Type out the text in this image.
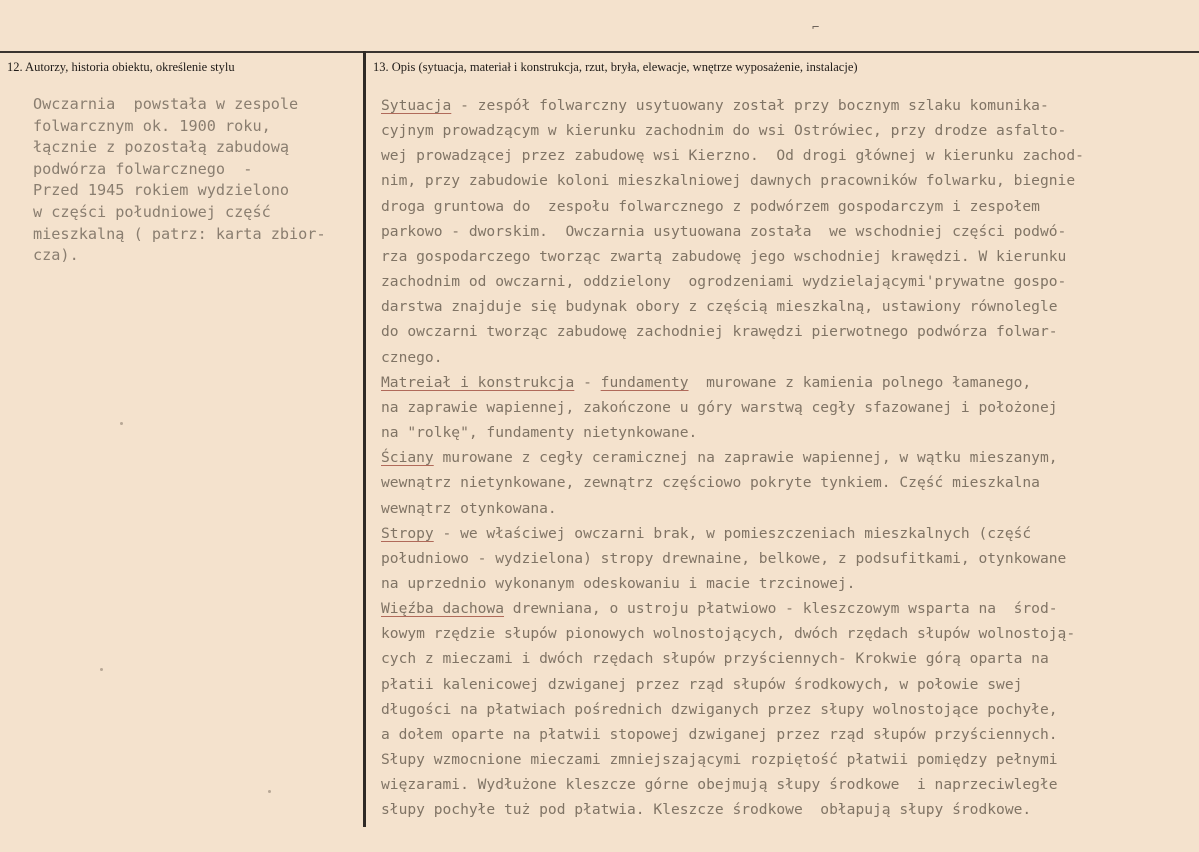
⌐
12. Autorzy, historia obiektu, określenie stylu	13. Opis (sytuacja, materiał i konstrukcja, rzut, bryła, elewacje, wnętrze wyposażenie, instalacje)
Owczarnia  powstała w zespole
folwarcznym ok. 1900 roku,
łącznie z pozostałą zabudową
podwórza folwarcznego  -
Przed 1945 rokiem wydzielono
w części południowej część
mieszkalną ( patrz: karta zbior-
cza).
Sytuacja - zespół folwarczny usytuowany został przy bocznym szlaku komunika-
cyjnym prowadzącym w kierunku zachodnim do wsi Ostrówiec, przy drodze asfalto-
wej prowadzącej przez zabudowę wsi Kierzno.  Od drogi głównej w kierunku zachod-
nim, przy zabudowie koloni mieszkalniowej dawnych pracowników folwarku, biegnie
droga gruntowa do  zespołu folwarcznego z podwórzem gospodarczym i zespołem
parkowo - dworskim.  Owczarnia usytuowana została  we wschodniej części podwó-
rza gospodarczego tworząc zwartą zabudowę jego wschodniej krawędzi. W kierunku
zachodnim od owczarni, oddzielony  ogrodzeniami wydzielającymi'prywatne gospo-
darstwa znajduje się budynak obory z częścią mieszkalną, ustawiony równolegle
do owczarni tworząc zabudowę zachodniej krawędzi pierwotnego podwórza folwar-
cznego.
Matreiał i konstrukcja - fundamenty  murowane z kamienia polnego łamanego,
na zaprawie wapiennej, zakończone u góry warstwą cegły sfazowanej i położonej
na "rolkę", fundamenty nietynkowane.
Ściany murowane z cegły ceramicznej na zaprawie wapiennej, w wątku mieszanym,
wewnątrz nietynkowane, zewnątrz częściowo pokryte tynkiem. Część mieszkalna
wewnątrz otynkowana.
Stropy - we właściwej owczarni brak, w pomieszczeniach mieszkalnych (część
południowo - wydzielona) stropy drewnaine, belkowe, z podsufitkami, otynkowane
na uprzednio wykonanym odeskowaniu i macie trzcinowej.
Więźba dachowa drewniana, o ustroju płatwiowo - kleszczowym wsparta na  środ-
kowym rzędzie słupów pionowych wolnostojących, dwóch rzędach słupów wolnostoją-
cych z mieczami i dwóch rzędach słupów przyściennych- Krokwie górą oparta na
płatii kalenicowej dzwiganej przez rząd słupów środkowych, w połowie swej
długości na płatwiach pośrednich dzwiganych przez słupy wolnostojące pochyłe,
a dołem oparte na płatwii stopowej dzwiganej przez rząd słupów przyściennych.
Słupy wzmocnione mieczami zmniejszającymi rozpiętość płatwii pomiędzy pełnymi
więzarami. Wydłużone kleszcze górne obejmują słupy środkowe  i naprzeciwległe
słupy pochyłe tuż pod płatwia. Kleszcze środkowe  obłapują słupy środkowe.
